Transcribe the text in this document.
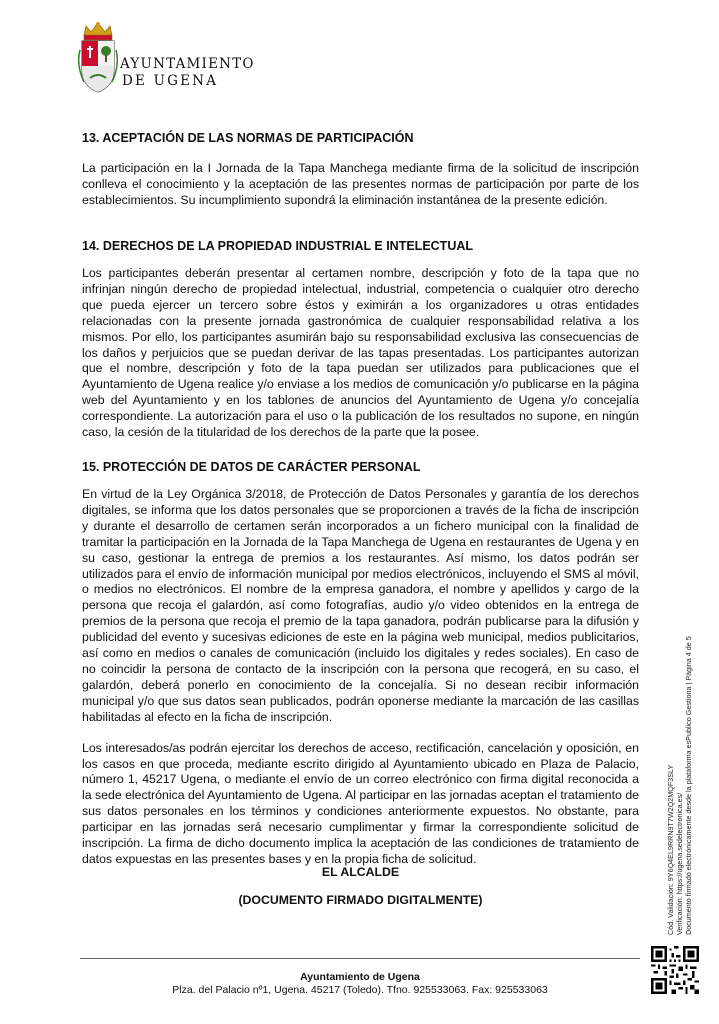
AYUNTAMIENTO
DE UGENA
13. ACEPTACIÓN DE LAS NORMAS DE PARTICIPACIÓN

La participación en la I Jornada de la Tapa Manchega mediante firma de la solicitud de inscripción conlleva el conocimiento y la aceptación de las presentes normas de participación por parte de los establecimientos. Su incumplimiento supondrá la eliminación instantánea de la presente edición.

14. DERECHOS DE LA PROPIEDAD INDUSTRIAL E INTELECTUAL

Los participantes deberán presentar al certamen nombre, descripción y foto de la tapa que no infrinjan ningún derecho de propiedad intelectual, industrial, competencia o cualquier otro derecho que pueda ejercer un tercero sobre éstos y eximirán a los organizadores u otras entidades relacionadas con la presente jornada gastronómica de cualquier responsabilidad relativa a los mismos. Por ello, los participantes asumirán bajo su responsabilidad exclusiva las consecuencias de los daños y perjuicios que se puedan derivar de las tapas presentadas. Los participantes autorizan que el nombre, descripción y foto de la tapa puedan ser utilizados para publicaciones que el Ayuntamiento de Ugena realice y/o enviase a los medios de comunicación y/o publicarse en la página web del Ayuntamiento y en los tablones de anuncios del Ayuntamiento de Ugena y/o concejalía correspondiente. La autorización para el uso o la publicación de los resultados no supone, en ningún caso, la cesión de la titularidad de los derechos de la parte que la posee.

15. PROTECCIÓN DE DATOS DE CARÁCTER PERSONAL

En virtud de la Ley Orgánica 3/2018, de Protección de Datos Personales y garantía de los derechos digitales, se informa que los datos personales que se proporcionen a través de la ficha de inscripción y durante el desarrollo de certamen serán incorporados a un fichero municipal con la finalidad de tramitar la participación en la Jornada de la Tapa Manchega de Ugena en restaurantes de Ugena y en su caso, gestionar la entrega de premios a los restaurantes. Así mismo, los datos podrán ser utilizados para el envío de información municipal por medios electrónicos, incluyendo el SMS al móvil, o medios no electrónicos. El nombre de la empresa ganadora, el nombre y apellidos y cargo de la persona que recoja el galardón, así como fotografías, audio y/o video obtenidos en la entrega de premios de la persona que recoja el premio de la tapa ganadora, podrán publicarse para la difusión y publicidad del evento y sucesivas ediciones de este en la página web municipal, medios publicitarios, así como en medios o canales de comunicación (incluido los digitales y redes sociales). En caso de no coincidir la persona de contacto de la inscripción con la persona que recogerá, en su caso, el galardón, deberá ponerlo en conocimiento de la concejalía. Si no desean recibir información municipal y/o que sus datos sean publicados, podrán oponerse mediante la marcación de las casillas habilitadas al efecto en la ficha de inscripción.

Los interesados/as podrán ejercitar los derechos de acceso, rectificación, cancelación y oposición, en los casos en que proceda, mediante escrito dirigido al Ayuntamiento ubicado en Plaza de Palacio, número 1, 45217 Ugena, o mediante el envío de un correo electrónico con firma digital reconocida a la sede electrónica del Ayuntamiento de Ugena. Al participar en las jornadas aceptan el tratamiento de sus datos personales en los términos y condiciones anteriormente expuestos. No obstante, para participar en las jornadas será necesario cumplimentar y firmar la correspondiente solicitud de inscripción. La firma de dicho documento implica la aceptación de las condiciones de tratamiento de datos expuestas en las presentes bases y en la propia ficha de solicitud.

EL ALCALDE
(DOCUMENTO FIRMADO DIGITALMENTE)
Ayuntamiento de Ugena
Plza. del Palacio nº1, Ugena. 45217 (Toledo). Tfno. 925533063. Fax: 925533063
Cód. Validación: 9Y6Q4EL9RRN9T7W2Q2MQF3SLY Verificación: https://ugena.sedelectronica.es/ Documento firmado electrónicamente desde la plataforma esPublico Gestiona | Página 4 de 5
